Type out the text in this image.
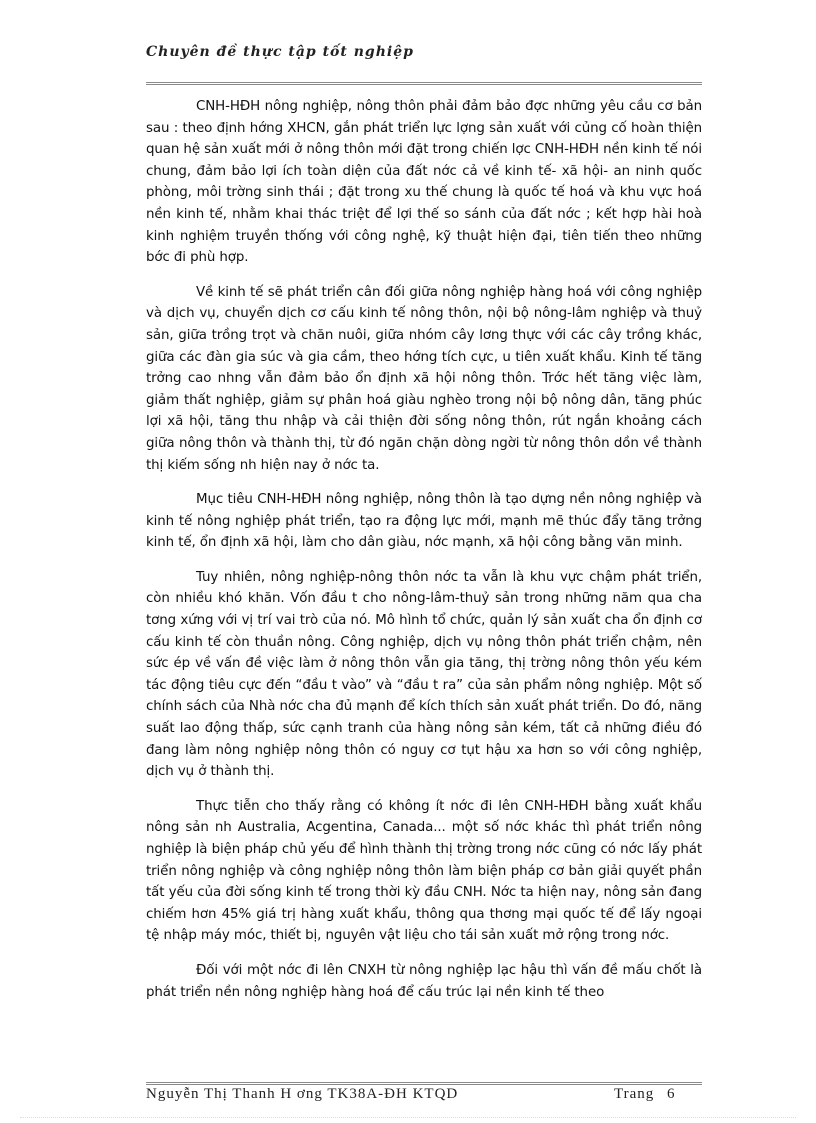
Chuyên đề thực tập tốt nghiệp

CNH-HĐH nông nghiệp, nông thôn phải đảm bảo đợc những yêu cầu cơ bản sau : theo định hớng XHCN, gắn phát triển lực lợng sản xuất với củng cố hoàn thiện quan hệ sản xuất mới ở nông thôn mới đặt trong chiến lợc CNH-HĐH nền kinh tế nói chung, đảm bảo lợi ích toàn diện của đất nớc cả về kinh tế- xã hội- an ninh quốc phòng, môi trờng sinh thái ; đặt trong xu thế chung là quốc tế hoá và khu vực hoá nền kinh tế, nhằm khai thác triệt để lợi thế so sánh của đất nớc ; kết hợp hài hoà kinh nghiệm truyền thống với công nghệ, kỹ thuật hiện đại, tiên tiến theo những bớc đi phù hợp.

Về kinh tế sẽ phát triển cân đối giữa nông nghiệp hàng hoá với công nghiệp và dịch vụ, chuyển dịch cơ cấu kinh tế nông thôn, nội bộ nông-lâm nghiệp và thuỷ sản, giữa trồng trọt và chăn nuôi, giữa nhóm cây lơng thực với các cây trồng khác, giữa các đàn gia súc và gia cầm, theo hớng tích cực, u tiên xuất khẩu. Kinh tế tăng trởng cao nhng vẫn đảm bảo ổn định xã hội nông thôn. Trớc hết tăng việc làm, giảm thất nghiệp, giảm sự phân hoá giàu nghèo trong nội bộ nông dân, tăng phúc lợi xã hội, tăng thu nhập và cải thiện đời sống nông thôn, rút ngắn khoảng cách giữa nông thôn và thành thị, từ đó ngăn chặn dòng ngời từ nông thôn dồn về thành thị kiếm sống nh hiện nay ở nớc ta.

Mục tiêu CNH-HĐH nông nghiệp, nông thôn là tạo dựng nền nông nghiệp và kinh tế nông nghiệp phát triển, tạo ra động lực mới, mạnh mẽ thúc đẩy tăng trởng kinh tế, ổn định xã hội, làm cho dân giàu, nớc mạnh, xã hội công bằng văn minh.

Tuy nhiên, nông nghiệp-nông thôn nớc ta vẫn là khu vực chậm phát triển, còn nhiều khó khăn. Vốn đầu t cho nông-lâm-thuỷ sản trong những năm qua cha tơng xứng với vị trí vai trò của nó. Mô hình tổ chức, quản lý sản xuất cha ổn định cơ cấu kinh tế còn thuần nông. Công nghiệp, dịch vụ nông thôn phát triển chậm, nên sức ép về vấn đề việc làm ở nông thôn vẫn gia tăng, thị trờng nông thôn yếu kém tác động tiêu cực đến “đầu t vào” và “đầu t ra” của sản phẩm nông nghiệp. Một số chính sách của Nhà nớc cha đủ mạnh để kích thích sản xuất phát triển. Do đó, năng suất lao động thấp, sức cạnh tranh của hàng nông sản kém, tất cả những điều đó đang làm nông nghiệp nông thôn có nguy cơ tụt hậu xa hơn so với công nghiệp, dịch vụ ở thành thị.

Thực tiễn cho thấy rằng có không ít nớc đi lên CNH-HĐH bằng xuất khẩu nông sản nh Australia, Acgentina, Canada... một số nớc khác thì phát triển nông nghiệp là biện pháp chủ yếu để hình thành thị trờng trong nớc cũng có nớc lấy phát triển nông nghiệp và công nghiệp nông thôn làm biện pháp cơ bản giải quyết phần tất yếu của đời sống kinh tế trong thời kỳ đầu CNH. Nớc ta hiện nay, nông sản đang chiếm hơn 45% giá trị hàng xuất khẩu, thông qua thơng mại quốc tế để lấy ngoại tệ nhập máy móc, thiết bị, nguyên vật liệu cho tái sản xuất mở rộng trong nớc.

Đối với một nớc đi lên CNXH từ nông nghiệp lạc hậu thì vấn đề mấu chốt là phát triển nền nông nghiệp hàng hoá để cấu trúc lại nền kinh tế theo

Nguyễn Thị Thanh H ơng TK38A-ĐH KTQD	Trang 6
